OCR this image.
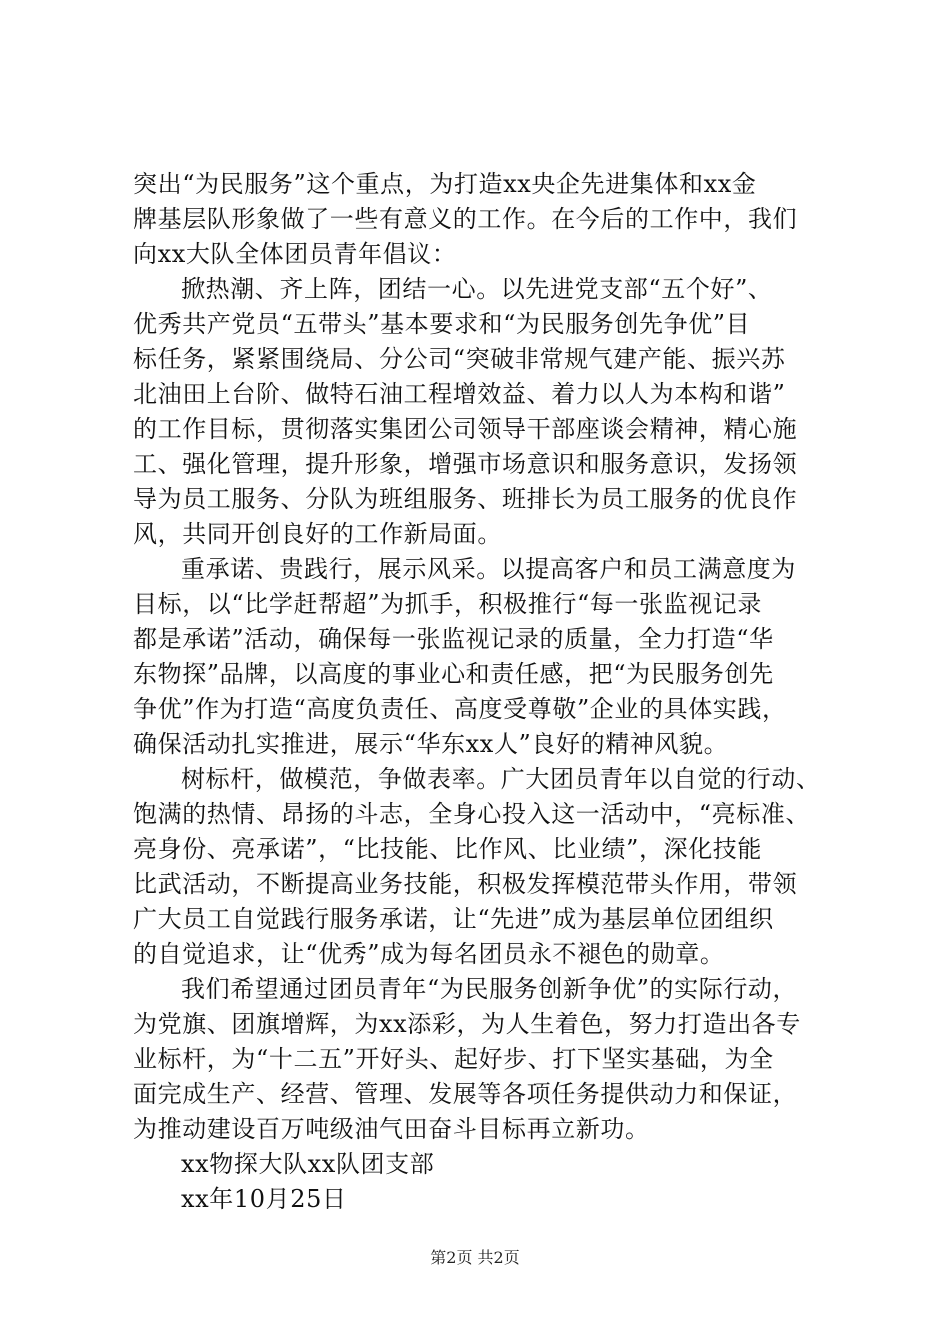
突出“为民服务”这个重点，为打造xx央企先进集体和xx金
牌基层队形象做了一些有意义的工作。在今后的工作中，我们
向xx大队全体团员青年倡议：
掀热潮、齐上阵，团结一心。以先进党支部“五个好”、
优秀共产党员“五带头”基本要求和“为民服务创先争优”目
标任务，紧紧围绕局、分公司“突破非常规气建产能、振兴苏
北油田上台阶、做特石油工程增效益、着力以人为本构和谐”
的工作目标，贯彻落实集团公司领导干部座谈会精神，精心施
工、强化管理，提升形象，增强市场意识和服务意识，发扬领
导为员工服务、分队为班组服务、班排长为员工服务的优良作
风，共同开创良好的工作新局面。
重承诺、贵践行，展示风采。以提高客户和员工满意度为
目标，以“比学赶帮超”为抓手，积极推行“每一张监视记录
都是承诺”活动，确保每一张监视记录的质量，全力打造“华
东物探”品牌，以高度的事业心和责任感，把“为民服务创先
争优”作为打造“高度负责任、高度受尊敬”企业的具体实践，
确保活动扎实推进，展示“华东xx人”良好的精神风貌。
树标杆，做模范，争做表率。广大团员青年以自觉的行动、
饱满的热情、昂扬的斗志，全身心投入这一活动中，“亮标准、
亮身份、亮承诺”，“比技能、比作风、比业绩”，深化技能
比武活动，不断提高业务技能，积极发挥模范带头作用，带领
广大员工自觉践行服务承诺，让“先进”成为基层单位团组织
的自觉追求，让“优秀”成为每名团员永不褪色的勋章。
我们希望通过团员青年“为民服务创新争优”的实际行动，
为党旗、团旗增辉，为xx添彩，为人生着色，努力打造出各专
业标杆，为“十二五”开好头、起好步、打下坚实基础，为全
面完成生产、经营、管理、发展等各项任务提供动力和保证，
为推动建设百万吨级油气田奋斗目标再立新功。
xx物探大队xx队团支部
xx年10月25日
第2页 共2页
